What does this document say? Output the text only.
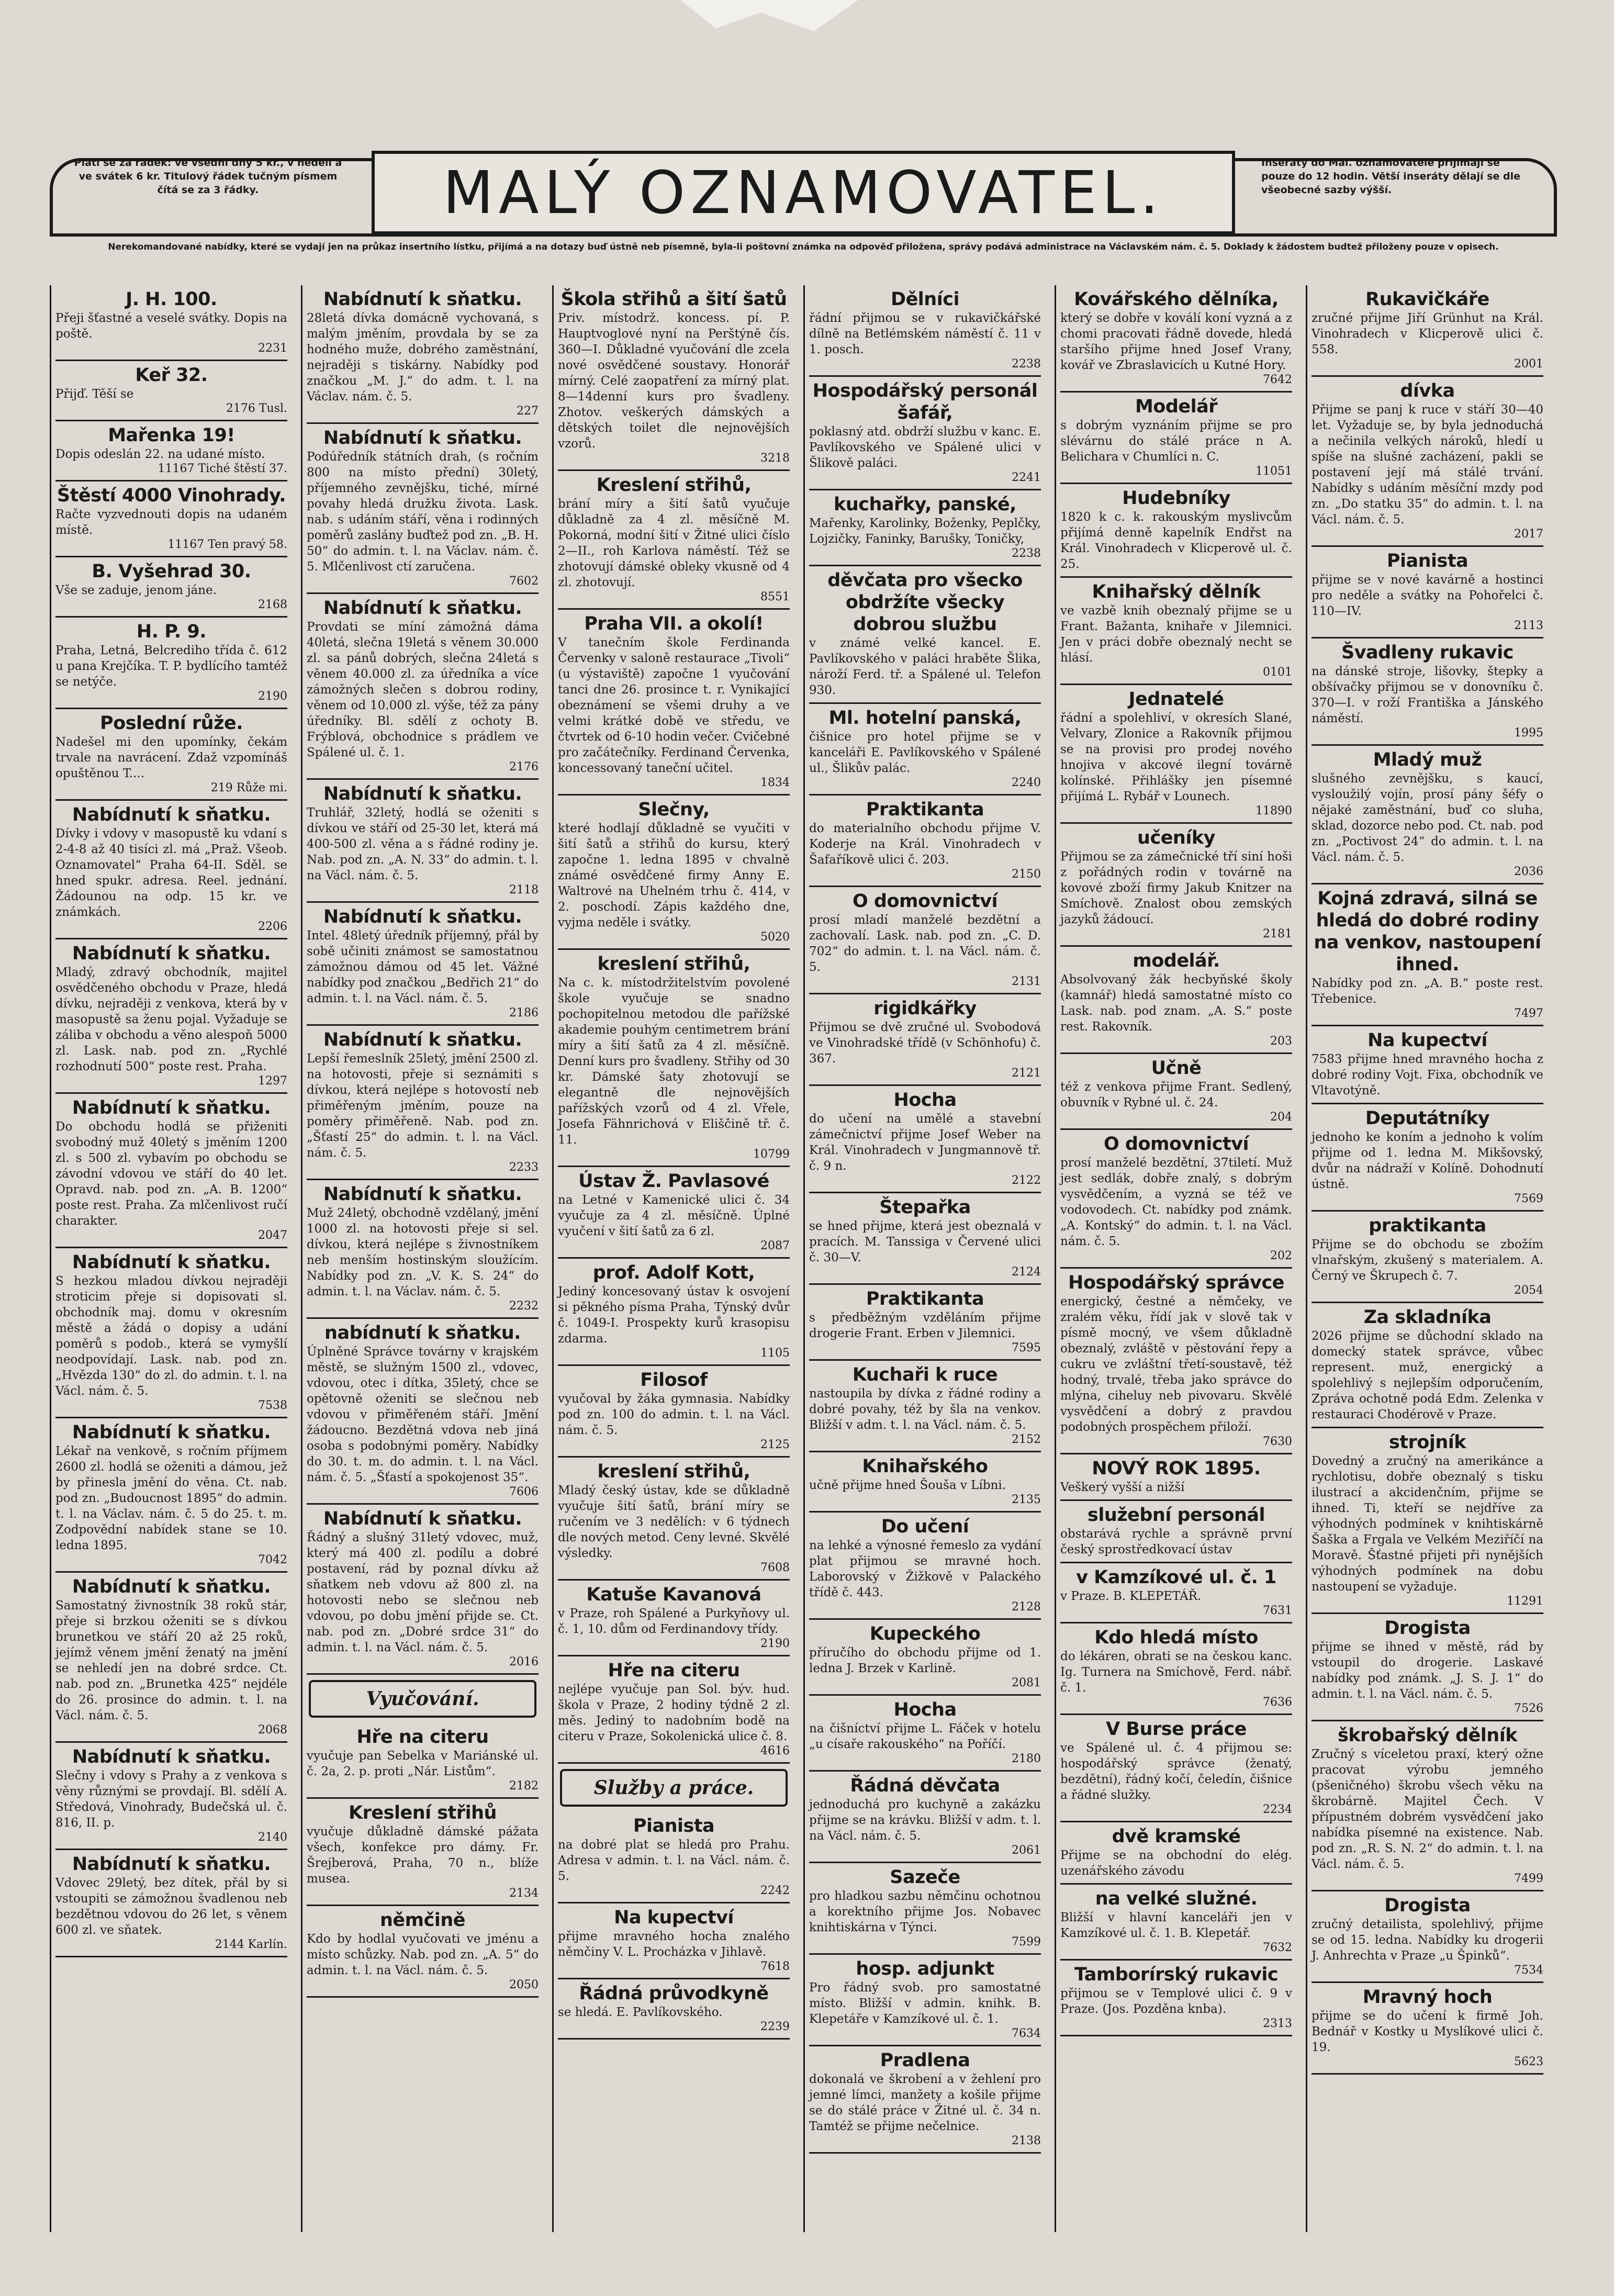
Platí se za řádek: ve všední dny 5 kr., v neděli a ve svátek 6 kr. Titulový řádek tučným písmem čítá se za 3 řádky.	MALÝ OZNAMOVATEL.	Inseráty do Mal. oznamovatele přijímají se pouze do 12 hodin. Větší inseráty dělají se dle všeobecné sazby výšší.
Nerekomandované nabídky, které se vydají jen na průkaz insertního lístku, přijímá a na dotazy buď ústně neb písemně, byla-li poštovní známka na odpověď přiložena, správy podává administrace na Václavském nám. č. 5. Doklady k žádostem budtež přiloženy pouze v opisech.
J. H. 100.
Přeji šťastné a veselé svátky. Dopis na poště.
2231
Keř 32.
Přijď. Těší se
2176 Tusl.
Mařenka 19!
Dopis odeslán 22. na udané místo.
11167 Tiché štěstí 37.
Štěstí 4000 Vinohrady.
Račte vyzvednouti dopis na udaném místě.
11167 Ten pravý 58.
B. Vyšehrad 30.
Vše se zaduje, jenom jáne.
2168
H. P. 9.
Praha, Letná, Belcrediho třída č. 612 u pana Krejčíka. T. P. bydlícího tamtéž se netýče.
2190
Poslední růže.
Nadešel mi den upomínky, čekám trvale na navrácení. Zdaž vzpomínáš opuštěnou T....
219 Růže mi.
Nabídnutí k sňatku.
Dívky i vdovy v masopustě ku vdaní s 2-4-8 až 40 tisíci zl. má „Praž. Všeob. Oznamovatel“ Praha 64-II. Sděl. se hned spukr. adresa. Reel. jednání. Žádounou na odp. 15 kr. ve známkách.
2206
Nabídnutí k sňatku.
Mladý, zdravý obchodník, majitel osvědčeného obchodu v Praze, hledá dívku, nejraději z venkova, která by v masopustě sa ženu pojal. Vyžaduje se záliba v obchodu a věno alespoň 5000 zl. Lask. nab. pod zn. „Rychlé rozhodnutí 500“ poste rest. Praha.
1297
Nabídnutí k sňatku.
Do obchodu hodlá se přiženiti svobodný muž 40letý s jměním 1200 zl. s 500 zl. vybavím po obchodu se závodní vdovou ve stáří do 40 let. Opravd. nab. pod zn. „A. B. 1200“ poste rest. Praha. Za mlčenlivost ručí charakter.
2047
Nabídnutí k sňatku.
S hezkou mladou dívkou nejraději stroticim přeje si dopisovati sl. obchodník maj. domu v okresním městě a žádá o dopisy a udání poměrů s podob., která se vymyšlí neodpovídají. Lask. nab. pod zn. „Hvězda 130“ do zl. do admin. t. l. na Václ. nám. č. 5.
7538
Nabídnutí k sňatku.
Lékař na venkově, s ročním příjmem 2600 zl. hodlá se oženiti a dámou, jež by přinesla jmění do věna. Ct. nab. pod zn. „Budoucnost 1895“ do admin. t. l. na Václav. nám. č. 5 do 25. t. m. Zodpovědní nabídek stane se 10. ledna 1895.
7042
Nabídnutí k sňatku.
Samostatný živnostník 38 roků stár, přeje si brzkou oženiti se s dívkou brunetkou ve stáří 20 až 25 roků, jejímž věnem jmění ženatý na jmění se nehledí jen na dobré srdce. Ct. nab. pod zn. „Brunetka 425“ nejdéle do 26. prosince do admin. t. l. na Václ. nám. č. 5.
2068
Nabídnutí k sňatku.
Slečny i vdovy s Prahy a z venkova s věny různými se provdají. Bl. sdělí A. Středová, Vinohrady, Budečská ul. č. 816, II. p.
2140
Nabídnutí k sňatku.
Vdovec 29letý, bez dítek, přál by si vstoupiti se zámožnou švadlenou neb bezdětnou vdovou do 26 let, s věnem 600 zl. ve sňatek.
2144 Karlín.
Nabídnutí k sňatku.
28letá dívka domácně vychovaná, s malým jměním, provdala by se za hodného muže, dobrého zaměstnání, nejraději s tiskárny. Nabídky pod značkou „M. J.“ do adm. t. l. na Václav. nám. č. 5.
227
Nabídnutí k sňatku.
Podúředník státních drah, (s ročním 800 na místo přední) 30letý, příjemného zevnějšku, tiché, mírné povahy hledá družku života. Lask. nab. s udáním stáří, věna i rodinných poměrů zaslány buďtež pod zn. „B. H. 50“ do admin. t. l. na Václav. nám. č. 5. Mlčenlivost ctí zaručena.
7602
Nabídnutí k sňatku.
Provdati se míní zámožná dáma 40letá, slečna 19letá s věnem 30.000 zl. sa pánů dobrých, slečna 24letá s věnem 40.000 zl. za úředníka a více zámožných slečen s dobrou rodiny, věnem od 10.000 zl. výše, též za pány úředníky. Bl. sdělí z ochoty B. Frýblová, obchodnice s prádlem ve Spálené ul. č. 1.
2176
Nabídnutí k sňatku.
Truhlář, 32letý, hodlá se oženiti s dívkou ve stáří od 25-30 let, která má 400-500 zl. věna a s řádné rodiny je. Nab. pod zn. „A. N. 33“ do admin. t. l. na Václ. nám. č. 5.
2118
Nabídnutí k sňatku.
Intel. 48letý úředník příjemný, přál by sobě učiniti známost se samostatnou zámožnou dámou od 45 let. Vážné nabídky pod značkou „Bedřich 21“ do admin. t. l. na Václ. nám. č. 5.
2186
Nabídnutí k sňatku.
Lepší řemeslník 25letý, jmění 2500 zl. na hotovosti, přeje si seznámiti s dívkou, která nejlépe s hotovostí neb přiměřeným jměním, pouze na poměry přiměřeně. Nab. pod zn. „Šťastí 25“ do admin. t. l. na Václ. nám. č. 5.
2233
Nabídnutí k sňatku.
Muž 24letý, obchodně vzdělaný, jmění 1000 zl. na hotovosti přeje si sel. dívkou, která nejlépe s živnostníkem neb menším hostinským sloužícím. Nabídky pod zn. „V. K. S. 24“ do admin. t. l. na Václav. nám. č. 5.
2232
nabídnutí k sňatku.
Úplněné Správce továrny v krajském městě, se služným 1500 zl., vdovec, vdovou, otec i dítka, 35letý, chce se opětovně oženiti se slečnou neb vdovou v přiměřeném stáří. Jmění žádoucno. Bezdětná vdova neb jiná osoba s podobnými poměry. Nabídky do 30. t. m. do admin. t. l. na Václ. nám. č. 5. „Šťastí a spokojenost 35“.
7606
Nabídnutí k sňatku.
Řádný a slušný 31letý vdovec, muž, který má 400 zl. podílu a dobré postavení, rád by poznal dívku až sňatkem neb vdovu až 800 zl. na hotovosti nebo se slečnou neb vdovou, po dobu jmění přijde se. Ct. nab. pod zn. „Dobré srdce 31“ do admin. t. l. na Václ. nám. č. 5.
2016
Vyučování.
Hře na citeru
vyučuje pan Sebelka v Mariánské ul. č. 2a, 2. p. proti „Nár. Listům“.
2182
Kreslení střihů
vyučuje důkladně dámské pážata všech, konfekce pro dámy. Fr. Šrejberová, Praha, 70 n., blíže musea.
2134
němčině
Kdo by hodlal vyučovati ve jménu a místo schůzky. Nab. pod zn. „A. 5“ do admin. t. l. na Václ. nám. č. 5.
2050
Škola střihů a šití šatů
Priv. místodrž. koncess. pí. P. Hauptvoglové nyní na Perštýně čís. 360—I. Důkladné vyučování dle zcela nové osvědčené soustavy. Honorář mírný. Celé zaopatření za mírný plat. 8—14denní kurs pro švadleny. Zhotov. veškerých dámských a dětských toilet dle nejnovějších vzorů.
3218
Kreslení střihů,
brání míry a šití šatů vyučuje důkladně za 4 zl. měsíčně M. Pokorná, modní šití v Žitné ulici číslo 2—II., roh Karlova náměstí. Též se zhotovují dámské obleky vkusně od 4 zl. zhotovují.
8551
Praha VII. a okolí!
V tanečním škole Ferdinanda Červenky v saloně restaurace „Tivoli“ (u výstaviště) započne 1 vyučování tanci dne 26. prosince t. r. Vynikající obeznámení se všemi druhy a ve velmi krátké době ve středu, ve čtvrtek od 6-10 hodin večer. Cvičebné pro začátečníky. Ferdinand Červenka, koncessovaný taneční učitel.
1834
Slečny,
které hodlají důkladně se vyučiti v šití šatů a střihů do kursu, který započne 1. ledna 1895 v chvalně známé osvědčené firmy Anny E. Waltrové na Uhelném trhu č. 414, v 2. poschodí. Zápis každého dne, vyjma neděle i svátky.
5020
kreslení střihů,
Na c. k. místodržitelstvím povolené škole vyučuje se snadno pochopitelnou metodou dle pařížské akademie pouhým centimetrem brání míry a šití šatů za 4 zl. měsíčně. Denní kurs pro švadleny. Střihy od 30 kr. Dámské šaty zhotovují se elegantně dle nejnovějších pařížských vzorů od 4 zl. Vřele, Josefa Fähnrichová v Eliščině tř. č. 11.
10799
Ústav Ž. Pavlasové
na Letné v Kamenické ulici č. 34 vyučuje za 4 zl. měsíčně. Úplné vyučení v šití šatů za 6 zl.
2087
prof. Adolf Kott,
Jediný koncesovaný ústav k osvojení si pěkného písma Praha, Týnský dvůr č. 1049-I. Prospekty kurů krasopisu zdarma.
1105
Filosof
vyučoval by žáka gymnasia. Nabídky pod zn. 100 do admin. t. l. na Václ. nám. č. 5.
2125
kreslení střihů,
Mladý český ústav, kde se důkladně vyučuje šití šatů, brání míry se ručením ve 3 nedělích: v 6 týdnech dle nových metod. Ceny levné. Skvělé výsledky.
7608
Katuše Kavanová
v Praze, roh Spálené a Purkyňovy ul. č. 1, 10. dům od Ferdinandovy třídy.
2190
Hře na citeru
nejlépe vyučuje pan Sol. býv. hud. škola v Praze, 2 hodiny týdně 2 zl. měs. Jediný to nadobním bodě na citeru v Praze, Sokolenická ulice č. 8.
4616
Služby a práce.
Pianista
na dobré plat se hledá pro Prahu. Adresa v admin. t. l. na Václ. nám. č. 5.
2242
Na kupectví
přijme mravného hocha znalého němčiny V. L. Procházka v Jihlavě.
7618
Řádná průvodkyně
se hledá. E. Pavlíkovského.
2239
Dělníci
řádní přijmou se v rukavičkářské dílně na Betlémském náměstí č. 11 v 1. posch.
2238
Hospodářský personál šafář,
poklasný atd. obdrží službu v kanc. E. Pavlíkovského ve Spálené ulici v Šlikově paláci.
2241
kuchařky, panské,
Mařenky, Karolinky, Boženky, Peplčky, Lojzičky, Faninky, Barušky, Toničky,
2238
děvčata pro všecko obdržíte všecky dobrou službu
v známé velké kancel. E. Pavlíkovského v paláci hraběte Šlika, nároží Ferd. tř. a Spálené ul. Telefon 930.
Ml. hotelní panská,
čišnice pro hotel přijme se v kanceláři E. Pavlíkovského v Spálené ul., Šlikův palác.
2240
Praktikanta
do materialního obchodu přijme V. Koderje na Král. Vinohradech v Šafaříkově ulici č. 203.
2150
O domovnictví
prosí mladí manželé bezdětní a zachovalí. Lask. nab. pod zn. „C. D. 702“ do admin. t. l. na Václ. nám. č. 5.
2131
rigidkářky
Přijmou se dvě zručné ul. Svobodová ve Vinohradské třídě (v Schönhofu) č. 367.
2121
Hocha
do učení na umělé a stavební zámečnictví přijme Josef Weber na Král. Vinohradech v Jungmannově tř. č. 9 n.
2122
Štepařka
se hned přijme, která jest obeznalá v pracích. M. Tanssiga v Červené ulici č. 30—V.
2124
Praktikanta
s předběžným vzděláním přijme drogerie Frant. Erben v Jilemnici.
7595
Kuchaři k ruce
nastoupila by dívka z řádné rodiny a dobré povahy, též by šla na venkov. Bližší v adm. t. l. na Václ. nám. č. 5.
2152
Knihařského
učně přijme hned Šouša v Líbni.
2135
Do učení
na lehké a výnosné řemeslo za vydání plat přijmou se mravné hoch. Laborovský v Žižkově v Palackého třídě č. 443.
2128
Kupeckého
příručího do obchodu přijme od 1. ledna J. Brzek v Karlině.
2081
Hocha
na čišníctví přijme L. Fáček v hotelu „u císaře rakouského“ na Poříčí.
2180
Řádná děvčata
jednoduchá pro kuchyně a zakázku přijme se na krávku. Bližší v adm. t. l. na Václ. nám. č. 5.
2061
Sazeče
pro hladkou sazbu němčinu ochotnou a korektního přijme Jos. Nobavec knihtiskárna v Týnci.
7599
hosp. adjunkt
Pro řádný svob. pro samostatné místo. Bližší v admin. knihk. B. Klepetáře v Kamzíkové ul. č. 1.
7634
Pradlena
dokonalá ve škrobení a v žehlení pro jemné límci, manžety a košile přijme se do stálé práce v Žitné ul. č. 34 n. Tamtéž se přijme nečelnice.
2138
Kovářského dělníka,
který se dobře v koválí koní vyzná a z chomi pracovati řádně dovede, hledá staršího přijme hned Josef Vrany, kovář ve Zbraslavicích u Kutné Hory.
7642
Modelář
s dobrým vyznáním přijme se pro slévárnu do stálé práce n A. Belichara v Chumlíci n. C.
11051
Hudebníky
1820 k c. k. rakouským myslivcům přijímá denně kapelník Endřst na Král. Vinohradech v Klicperově ul. č. 25.
Knihařský dělník
ve vazbě knih obeznalý přijme se u Frant. Bažanta, knihaře v Jilemnici. Jen v práci dobře obeznalý necht se hlásí.
0101
Jednatelé
řádní a spolehliví, v okresích Slané, Velvary, Zlonice a Rakovník přijmou se na provisi pro prodej nového hnojiva v akcové ilegní továrně kolínské. Přihlášky jen písemné přijímá L. Rybář v Lounech.
11890
učeníky
Přijmou se za zámečnické tří siní hoši z pořádných rodin v továrně na kovové zboží firmy Jakub Knitzer na Smíchově. Znalost obou zemských jazyků žádoucí.
2181
modelář.
Absolvovaný žák hecbyňské školy (kamnář) hledá samostatné místo co Lask. nab. pod znam. „A. S.“ poste rest. Rakovník.
203
Učně
též z venkova přijme Frant. Sedlený, obuvník v Rybné ul. č. 24.
204
O domovnictví
prosí manželé bezdětní, 37tiletí. Muž jest sedlák, dobře znalý, s dobrým vysvědčením, a vyzná se též ve vodovodech. Ct. nabídky pod známk. „A. Kontský“ do admin. t. l. na Václ. nám. č. 5.
202
Hospodářský správce
energický, čestné a němčeky, ve zralém věku, řídí jak v slově tak v písmě mocný, ve všem důkladně obeznalý, zvláště v pěstování řepy a cukru ve zvláštní třetí-soustavě, též hodný, trvalé, třeba jako správce do mlýna, ciheluy neb pivovaru. Skvělé vysvědčení a dobrý z pravdou podobných prospěchem přiloží.
7630
NOVÝ ROK 1895.
Veškerý vyšší a nižší
služební personál
obstarává rychle a správně první český sprostředkovací ústav
v Kamzíkové ul. č. 1
v Praze. B. KLEPETÁŘ.
7631
Kdo hledá místo
do lékáren, obrati se na českou kanc. Ig. Turnera na Smíchově, Ferd. nábř. č. 1.
7636
V Burse práce
ve Spálené ul. č. 4 přijmou se: hospodářský správce (ženatý, bezdětní), řádný kočí, čeledín, čišnice a řádné služky.
2234
dvě kramské
Přijme se na obchodní do elég. uzenářského závodu
na velké služné.
Bližší v hlavní kanceláři jen v Kamzíkové ul. č. 1. B. Klepetář.
7632
Tamborírský rukavic
přijmou se v Templové ulici č. 9 v Praze. (Jos. Pozděna knba).
2313
Rukavičkáře
zručné přijme Jiří Grünhut na Král. Vinohradech v Klicperově ulici č. 558.
2001
dívka
Přijme se panj k ruce v stáří 30—40 let. Vyžaduje se, by byla jednoduchá a nečinila velkých nároků, hledí u spíše na slušné zacházení, pakli se postavení její má stálé trvání. Nabídky s udáním měsíční mzdy pod zn. „Do statku 35“ do admin. t. l. na Václ. nám. č. 5.
2017
Pianista
přijme se v nové kavárně a hostinci pro neděle a svátky na Pohořelci č. 110—IV.
2113
Švadleny rukavic
na dánské stroje, lišovky, štepky a obšívačky přijmou se v donovníku č. 370—I. v roží Františka a Jánského náměstí.
1995
Mladý muž
slušného zevnějšku, s kaucí, vysloužilý vojín, prosí pány šéfy o nějaké zaměstnání, buď co sluha, sklad, dozorce nebo pod. Ct. nab. pod zn. „Poctivost 24“ do admin. t. l. na Václ. nám. č. 5.
2036
Kojná zdravá, silná se hledá do dobré rodiny na venkov, nastoupení ihned.
Nabídky pod zn. „A. B.“ poste rest. Třebenice.
7497
Na kupectví
7583 přijme hned mravného hocha z dobré rodiny Vojt. Fixa, obchodník ve Vltavotýně.
Deputátníky
jednoho ke koním a jednoho k volím přijme od 1. ledna M. Mikšovský, dvůr na nádraží v Kolíně. Dohodnutí ústně.
7569
praktikanta
Přijme se do obchodu se zbožím vlnařským, zkušený s materialem. A. Černý ve Škrupech č. 7.
2054
Za skladníka
2026 přijme se důchodní sklado na domecký statek správce, vůbec represent. muž, energický a spolehlivý s nejlepším odporučením, Zpráva ochotně podá Edm. Zelenka v restauraci Chodérově v Praze.
strojník
Dovedný a zručný na amerikánce a rychlotisu, dobře obeznalý s tisku ilustrací a akcidenčním, přijme se ihned. Ti, kteří se nejdříve za výhodných podmínek v knihtiskárně Šaška a Frgala ve Velkém Meziříčí na Moravě. Šťastné přijeti při nynějších výhodných podmínek na dobu nastoupení se vyžaduje.
11291
Drogista
přijme se ihned v městě, rád by vstoupil do drogerie. Laskavé nabídky pod známk. „J. S. J. 1“ do admin. t. l. na Václ. nám. č. 5.
7526
škrobařský dělník
Zručný s víceletou praxí, který ožne pracovat výrobu jemného (pšeničného) škrobu všech věku na škrobárně. Majitel Čech. V přípustném dobrém vysvědčení jako nabídka písemné na existence. Nab. pod zn. „R. S. N. 2“ do admin. t. l. na Václ. nám. č. 5.
7499
Drogista
zručný detailista, spolehlivý, přijme se od 15. ledna. Nabídky ku drogerii J. Anhrechta v Praze „u Špinků“.
7534
Mravný hoch
přijme se do učení k firmě Joh. Bednář v Kostky u Myslíkové ulici č. 19.
5623
